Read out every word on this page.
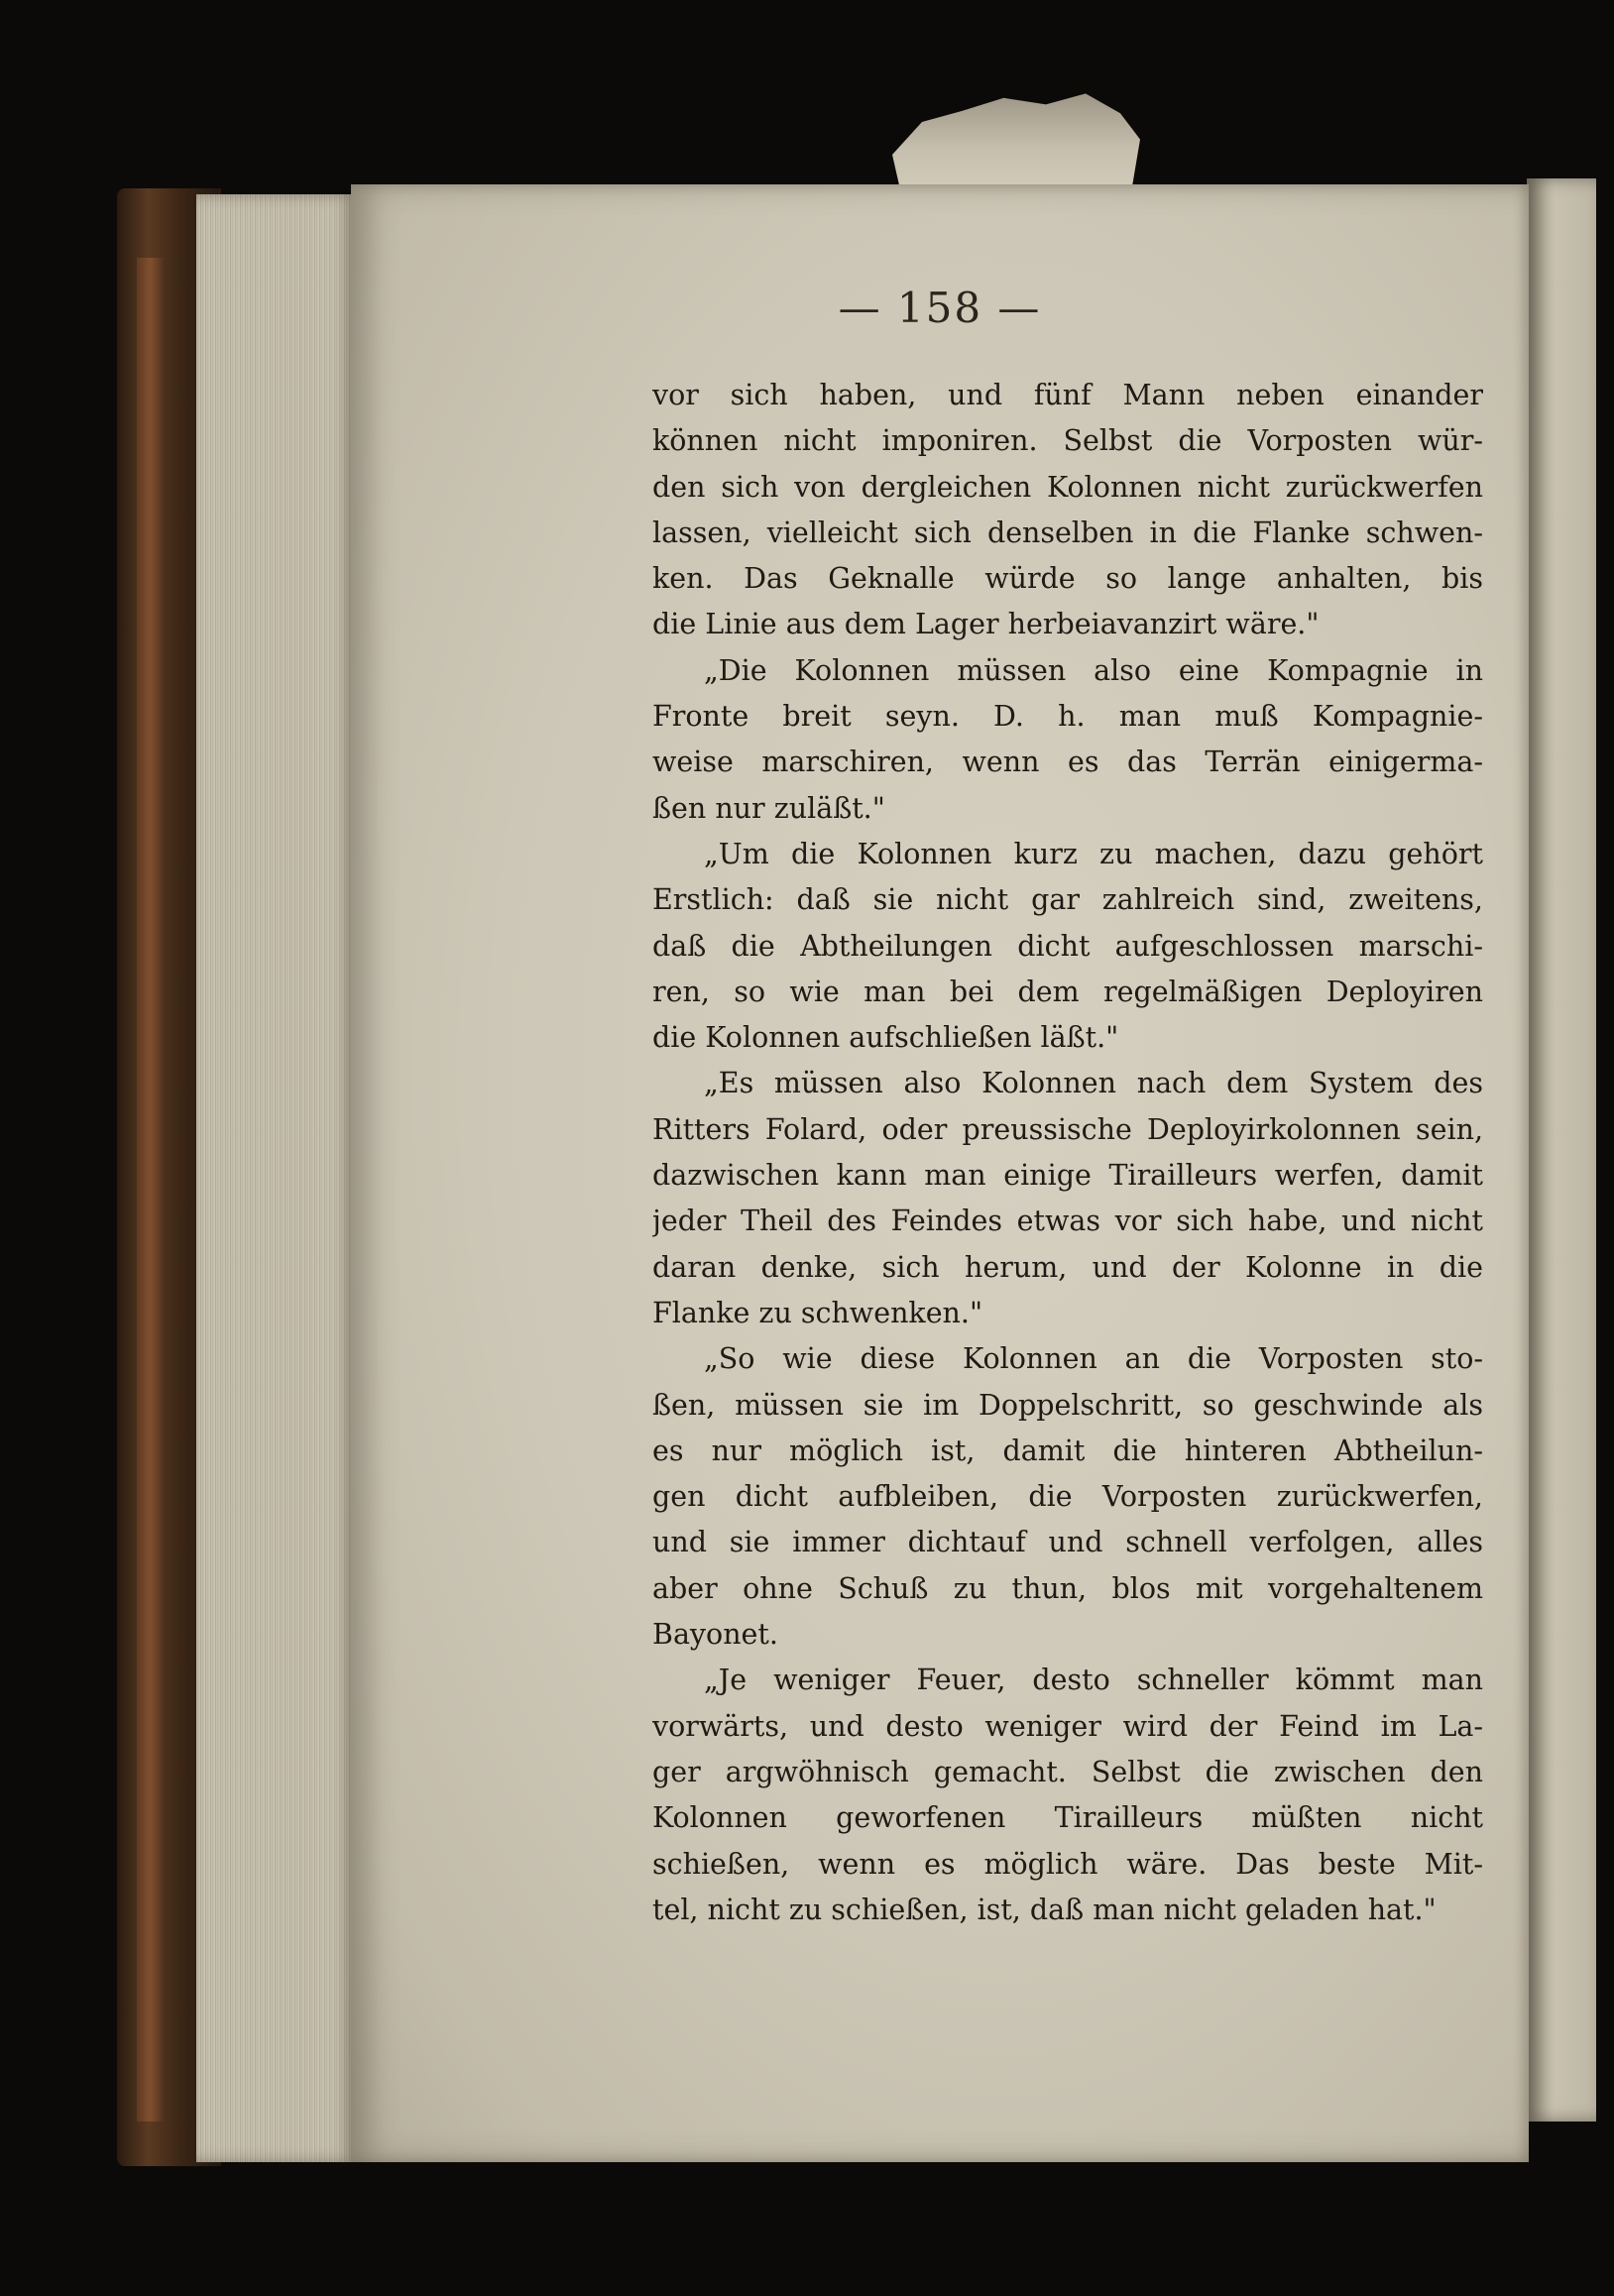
— 158 —
vor sich haben, und fünf Mann neben einander
können nicht imponiren. Selbst die Vorposten wür-
den sich von dergleichen Kolonnen nicht zurückwerfen
lassen, vielleicht sich denselben in die Flanke schwen-
ken. Das Geknalle würde so lange anhalten, bis
die Linie aus dem Lager herbeiavanzirt wäre."
„Die Kolonnen müssen also eine Kompagnie in
Fronte breit seyn. D. h. man muß Kompagnie-
weise marschiren, wenn es das Terrän einigerma-
ßen nur zuläßt."
„Um die Kolonnen kurz zu machen, dazu gehört
Erstlich: daß sie nicht gar zahlreich sind, zweitens,
daß die Abtheilungen dicht aufgeschlossen marschi-
ren, so wie man bei dem regelmäßigen Deployiren
die Kolonnen aufschließen läßt."
„Es müssen also Kolonnen nach dem System des
Ritters Folard, oder preussische Deployirkolonnen sein,
dazwischen kann man einige Tirailleurs werfen, damit
jeder Theil des Feindes etwas vor sich habe, und nicht
daran denke, sich herum, und der Kolonne in die
Flanke zu schwenken."
„So wie diese Kolonnen an die Vorposten sto-
ßen, müssen sie im Doppelschritt, so geschwinde als
es nur möglich ist, damit die hinteren Abtheilun-
gen dicht aufbleiben, die Vorposten zurückwerfen,
und sie immer dichtauf und schnell verfolgen, alles
aber ohne Schuß zu thun, blos mit vorgehaltenem
Bayonet.
„Je weniger Feuer, desto schneller kömmt man
vorwärts, und desto weniger wird der Feind im La-
ger argwöhnisch gemacht. Selbst die zwischen den
Kolonnen geworfenen Tirailleurs müßten nicht
schießen, wenn es möglich wäre. Das beste Mit-
tel, nicht zu schießen, ist, daß man nicht geladen hat."
